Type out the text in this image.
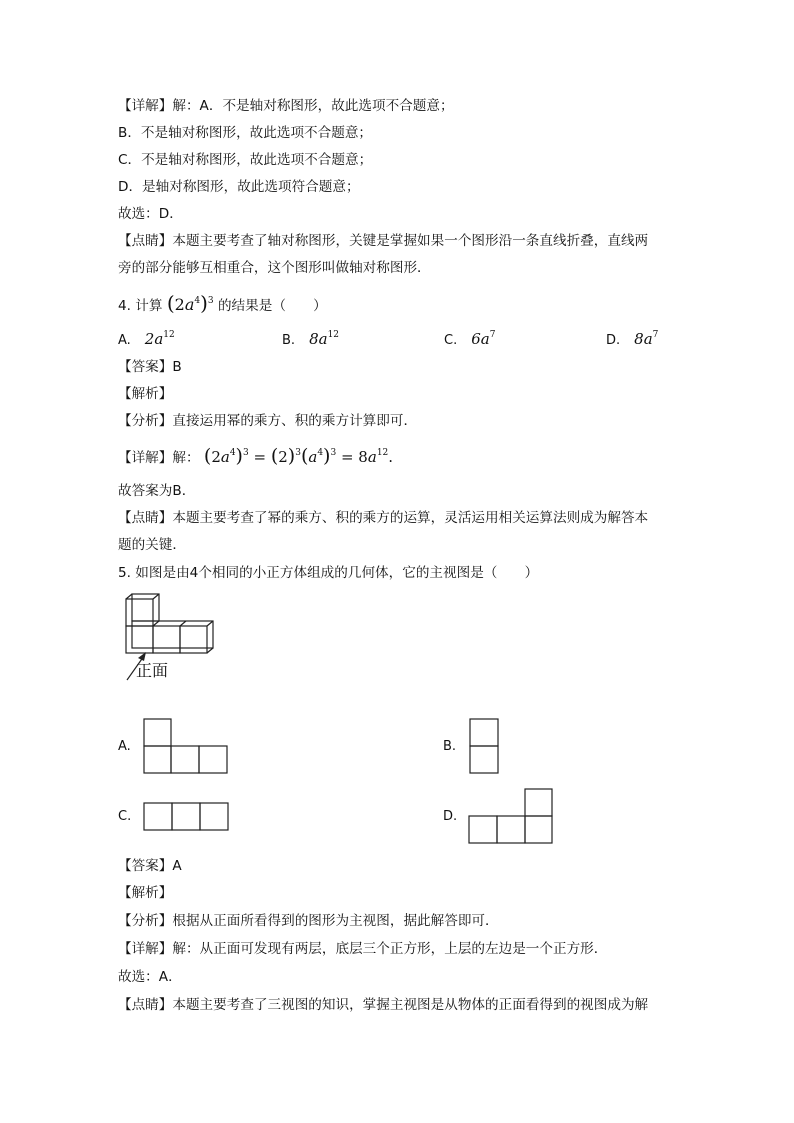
【详解】解：A．不是轴对称图形，故此选项不合题意；
B．不是轴对称图形，故此选项不合题意；
C．不是轴对称图形，故此选项不合题意；
D．是轴对称图形，故此选项符合题意；
故选：D．
【点睛】本题主要考查了轴对称图形，关键是掌握如果一个图形沿一条直线折叠，直线两
旁的部分能够互相重合，这个图形叫做轴对称图形．
4. 计算 $(2a^4)^3$ 的结果是（　　）
A. $2a^{12}$	B. $8a^{12}$	C. $6a^7$	D. $8a^7$
【答案】B
【解析】
【分析】直接运用幂的乘方、积的乘方计算即可．
【详解】解： $(2a^4)^3 = (2)^3(a^4)^3 = 8a^{12}$.
故答案为B．
【点睛】本题主要考查了幂的乘方、积的乘方的运算，灵活运用相关运算法则成为解答本
题的关键．
5. 如图是由4个相同的小正方体组成的几何体，它的主视图是（　　）
正面
A.	B.
C.	D.
【答案】A
【解析】
【分析】根据从正面所看得到的图形为主视图，据此解答即可．
【详解】解：从正面可发现有两层，底层三个正方形，上层的左边是一个正方形．
故选：A．
【点睛】本题主要考查了三视图的知识，掌握主视图是从物体的正面看得到的视图成为解
